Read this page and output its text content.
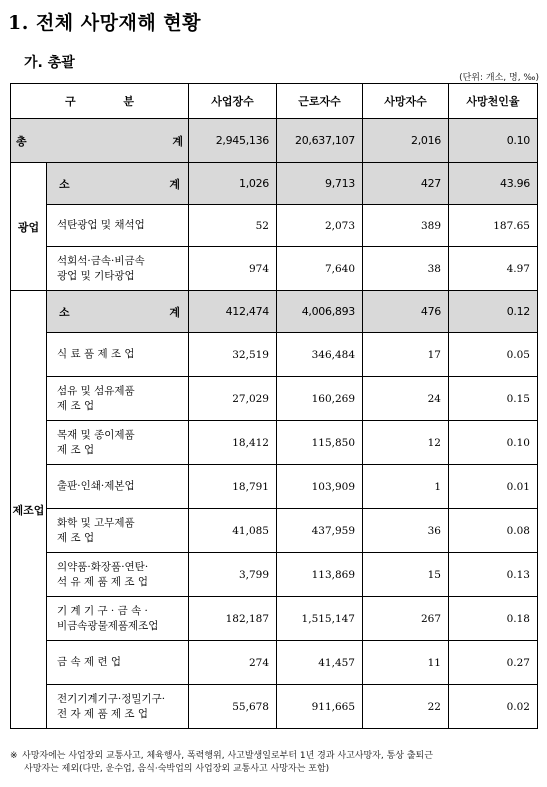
1. 전체 사망재해 현황
가. 총괄
(단위: 개소, 명, ‰)
구 분		사업장수	근로자수	사망자수	사망천인율

총 계		2,945,136	20,637,107	2,016	0.10
광업	소 계	1,026	9,713	427	43.96
	석탄광업 및 채석업	52	2,073	389	187.65

	석회석·금속·비금속
광업 및 기타광업	974	7,640	38	4.97
제조업	소 계	412,474	4,006,893	476	0.12
	식 료 품 제 조 업	32,519	346,484	17	0.05

	섬유 및 섬유제품
제 조 업	27,029	160,269	24	0.15

	목재 및 종이제품
제 조 업	18,412	115,850	12	0.10
	출판·인쇄·제본업	18,791	103,909	1	0.01

	화학 및 고무제품
제 조 업	41,085	437,959	36	0.08

	의약품·화장품·연탄·
석 유 제 품 제 조 업	3,799	113,869	15	0.13

	기 계 기 구 · 금 속 ·
비금속광물제품제조업	182,187	1,515,147	267	0.18
	금 속 제 련 업	274	41,457	11	0.27

	전기기계기구·정밀기구·
전 자 제 품 제 조 업	55,678	911,665	22	0.02
※ 사망자에는 사업장외 교통사고, 체육행사, 폭력행위, 사고발생일로부터 1년 경과 사고사망자, 통상 출퇴근
사망자는 제외(다만, 운수업, 음식·숙박업의 사업장외 교통사고 사망자는 포함)
